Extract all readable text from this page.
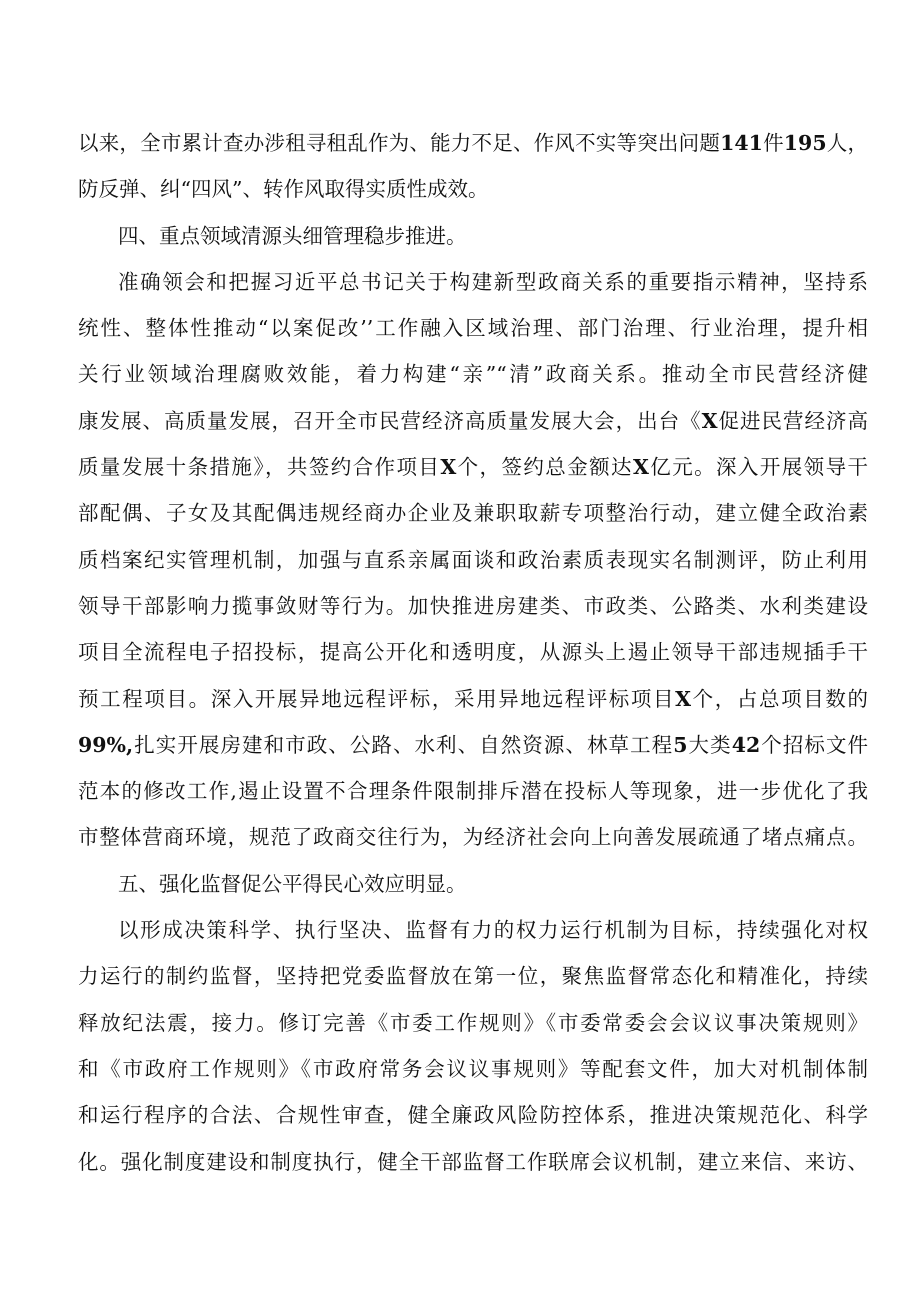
以来，全市累计查办涉租寻租乱作为、能力不足、作风不实等突出问题141件195人，
防反弹、纠“四风”、转作风取得实质性成效。
四、重点领域清源头细管理稳步推进。
准确领会和把握习近平总书记关于构建新型政商关系的重要指示精神，坚持系
统性、整体性推动“以案促改’’工作融入区域治理、部门治理、行业治理，提升相
关行业领域治理腐败效能，着力构建“亲”“清”政商关系。推动全市民营经济健
康发展、高质量发展，召开全市民营经济高质量发展大会，出台《X促进民营经济高
质量发展十条措施》，共签约合作项目X个，签约总金额达X亿元。深入开展领导干
部配偶、子女及其配偶违规经商办企业及兼职取薪专项整治行动，建立健全政治素
质档案纪实管理机制，加强与直系亲属面谈和政治素质表现实名制测评，防止利用
领导干部影响力揽事敛财等行为。加快推进房建类、市政类、公路类、水利类建设
项目全流程电子招投标，提高公开化和透明度，从源头上遏止领导干部违规插手干
预工程项目。深入开展异地远程评标，采用异地远程评标项目X个，占总项目数的
99%,扎实开展房建和市政、公路、水利、自然资源、林草工程5大类42个招标文件
范本的修改工作,遏止设置不合理条件限制排斥潜在投标人等现象，进一步优化了我
市整体营商环境，规范了政商交往行为，为经济社会向上向善发展疏通了堵点痛点。
五、强化监督促公平得民心效应明显。
以形成决策科学、执行坚决、监督有力的权力运行机制为目标，持续强化对权
力运行的制约监督，坚持把党委监督放在第一位，聚焦监督常态化和精准化，持续
释放纪法震，接力。修订完善《市委工作规则》《市委常委会会议议事决策规则》
和《市政府工作规则》《市政府常务会议议事规则》等配套文件，加大对机制体制
和运行程序的合法、合规性审查，健全廉政风险防控体系，推进决策规范化、科学
化。强化制度建设和制度执行，健全干部监督工作联席会议机制，建立来信、来访、
